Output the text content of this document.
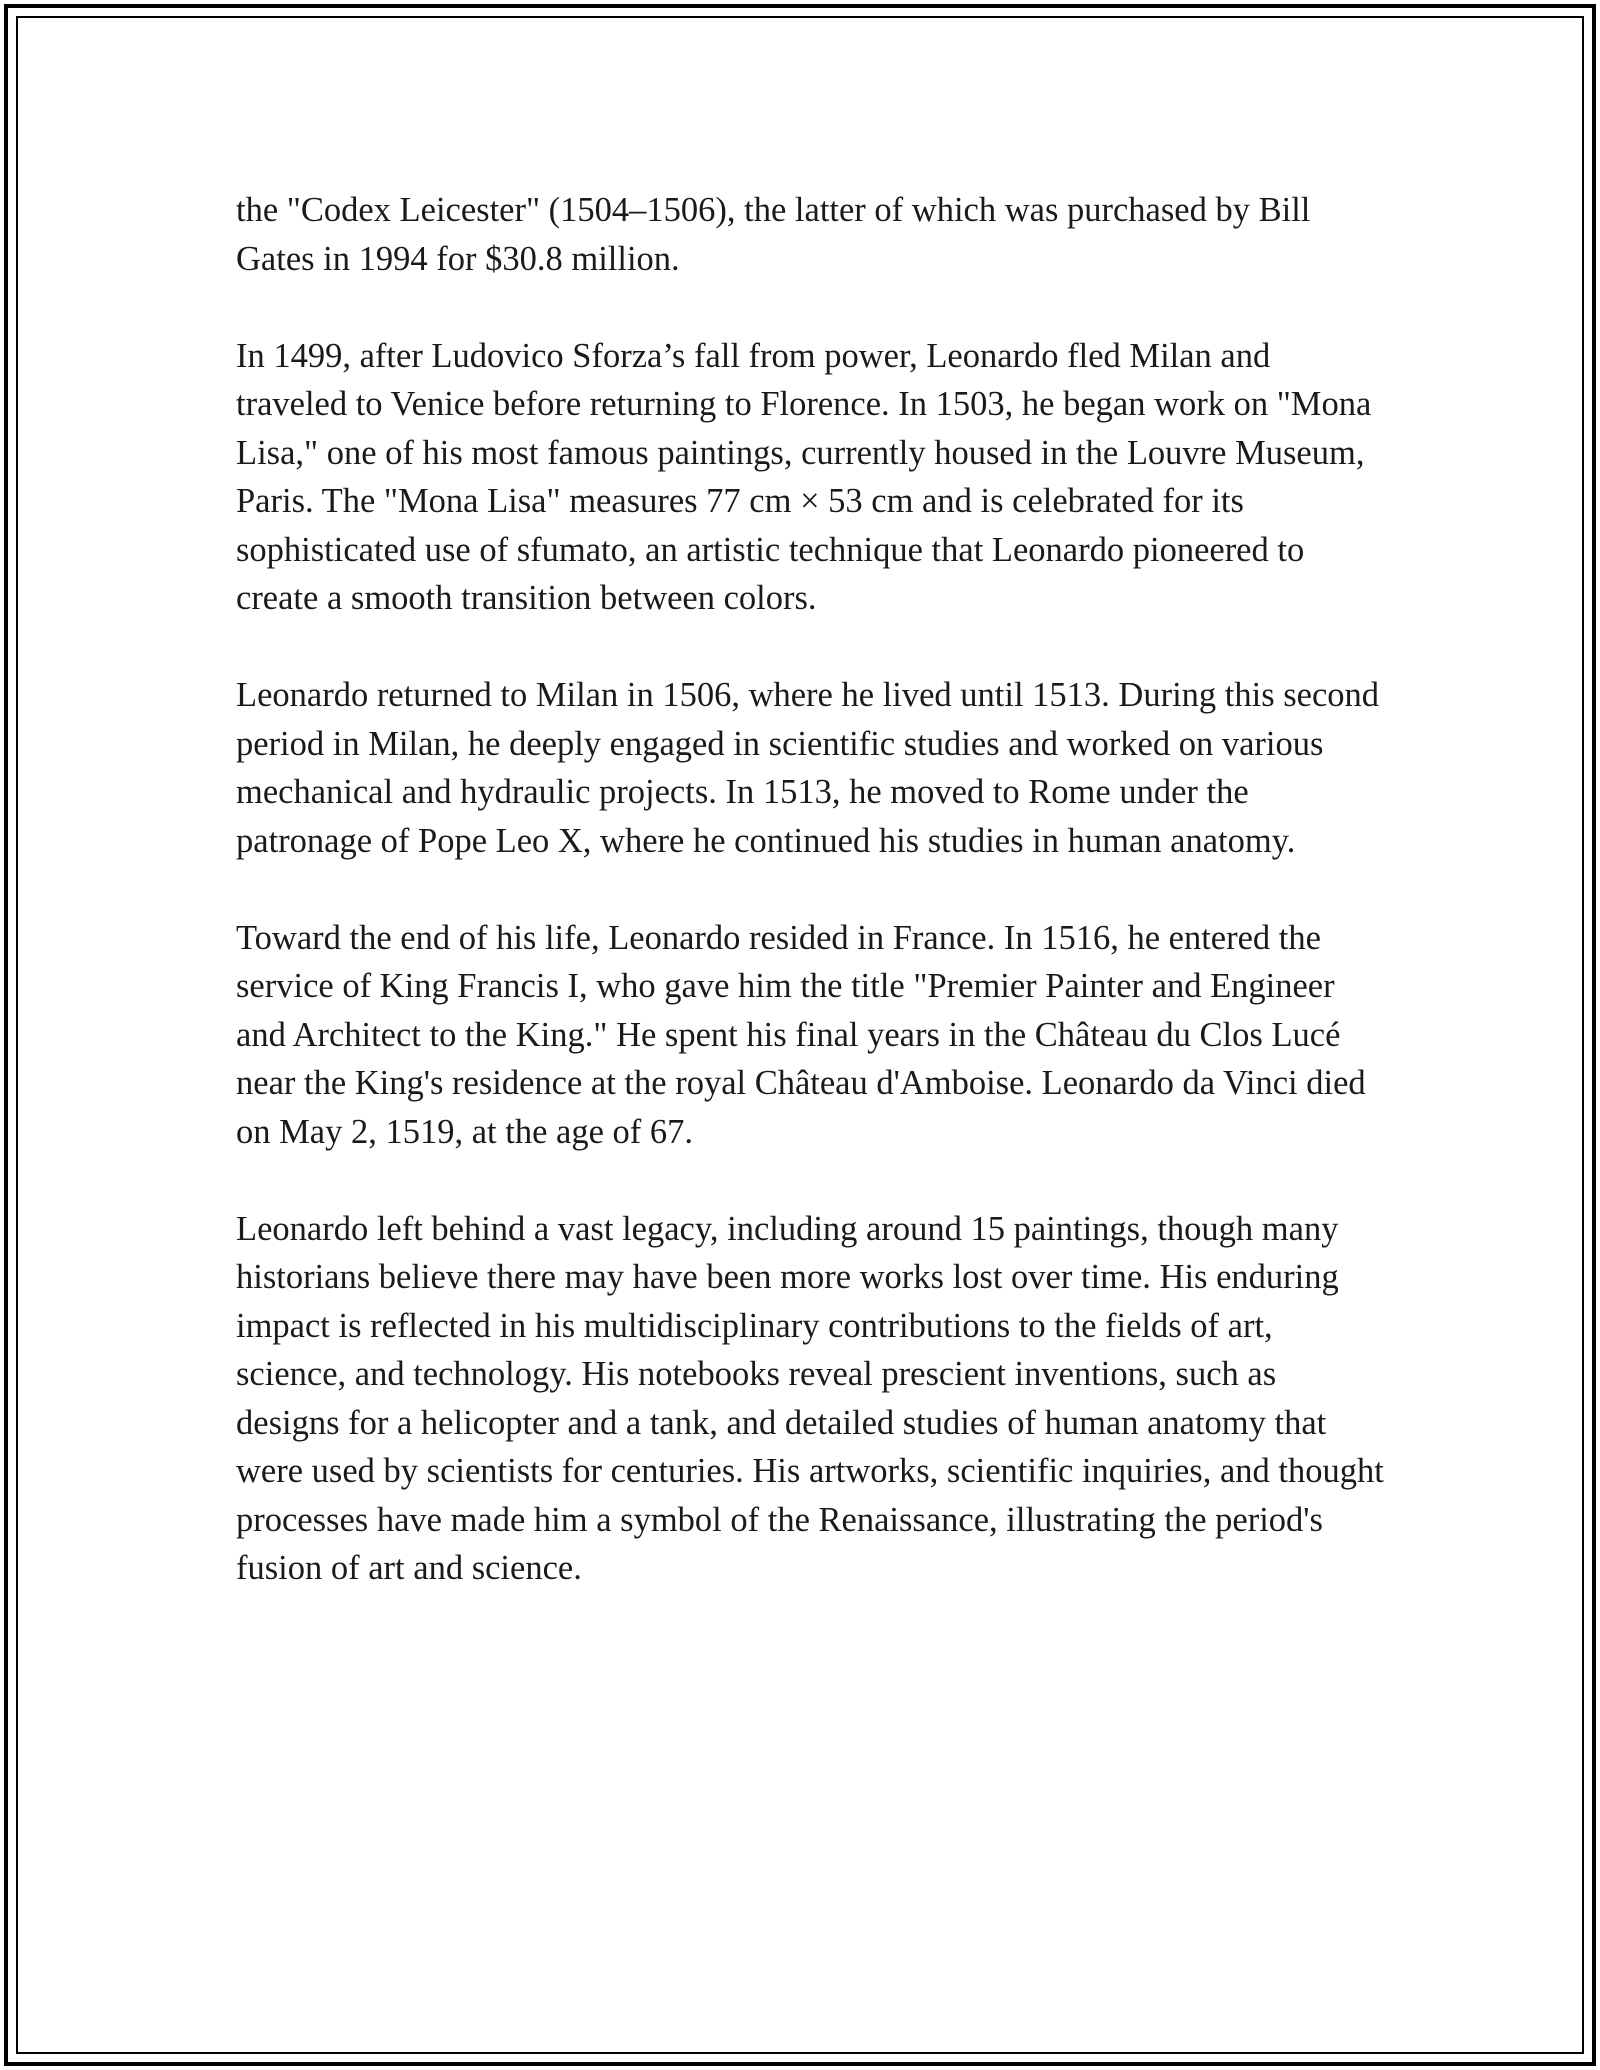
the "Codex Leicester" (1504–1506), the latter of which was purchased by Bill Gates in 1994 for $30.8 million.

In 1499, after Ludovico Sforza’s fall from power, Leonardo fled Milan and traveled to Venice before returning to Florence. In 1503, he began work on "Mona Lisa," one of his most famous paintings, currently housed in the Louvre Museum, Paris. The "Mona Lisa" measures 77 cm × 53 cm and is celebrated for its sophisticated use of sfumato, an artistic technique that Leonardo pioneered to create a smooth transition between colors.

Leonardo returned to Milan in 1506, where he lived until 1513. During this second period in Milan, he deeply engaged in scientific studies and worked on various mechanical and hydraulic projects. In 1513, he moved to Rome under the patronage of Pope Leo X, where he continued his studies in human anatomy.

Toward the end of his life, Leonardo resided in France. In 1516, he entered the service of King Francis I, who gave him the title "Premier Painter and Engineer and Architect to the King." He spent his final years in the Château du Clos Lucé near the King's residence at the royal Château d'Amboise. Leonardo da Vinci died on May 2, 1519, at the age of 67.

Leonardo left behind a vast legacy, including around 15 paintings, though many historians believe there may have been more works lost over time. His enduring impact is reflected in his multidisciplinary contributions to the fields of art, science, and technology. His notebooks reveal prescient inventions, such as designs for a helicopter and a tank, and detailed studies of human anatomy that were used by scientists for centuries. His artworks, scientific inquiries, and thought processes have made him a symbol of the Renaissance, illustrating the period's fusion of art and science.
